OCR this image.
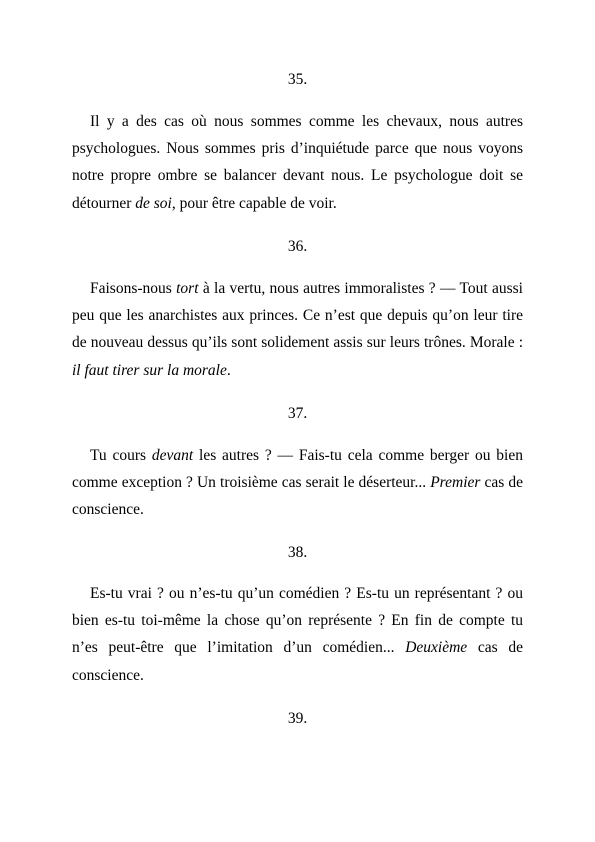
35.

Il y a des cas où nous sommes comme les chevaux, nous autres psychologues. Nous sommes pris d’inquiétude parce que nous voyons notre propre ombre se balancer devant nous. Le psychologue doit se détourner de soi, pour être capable de voir.

36.

Faisons-nous tort à la vertu, nous autres immoralistes ? — Tout aussi peu que les anarchistes aux princes. Ce n’est que depuis qu’on leur tire de nouveau dessus qu’ils sont solidement assis sur leurs trônes. Morale : il faut tirer sur la morale.

37.

Tu cours devant les autres ? — Fais-tu cela comme berger ou bien comme exception ? Un troisième cas serait le déserteur... Premier cas de conscience.

38.

Es-tu vrai ? ou n’es-tu qu’un comédien ? Es-tu un représentant ? ou bien es-tu toi-même la chose qu’on représente ? En fin de compte tu n’es peut-être que l’imitation d’un comédien... Deuxième cas de conscience.

39.
